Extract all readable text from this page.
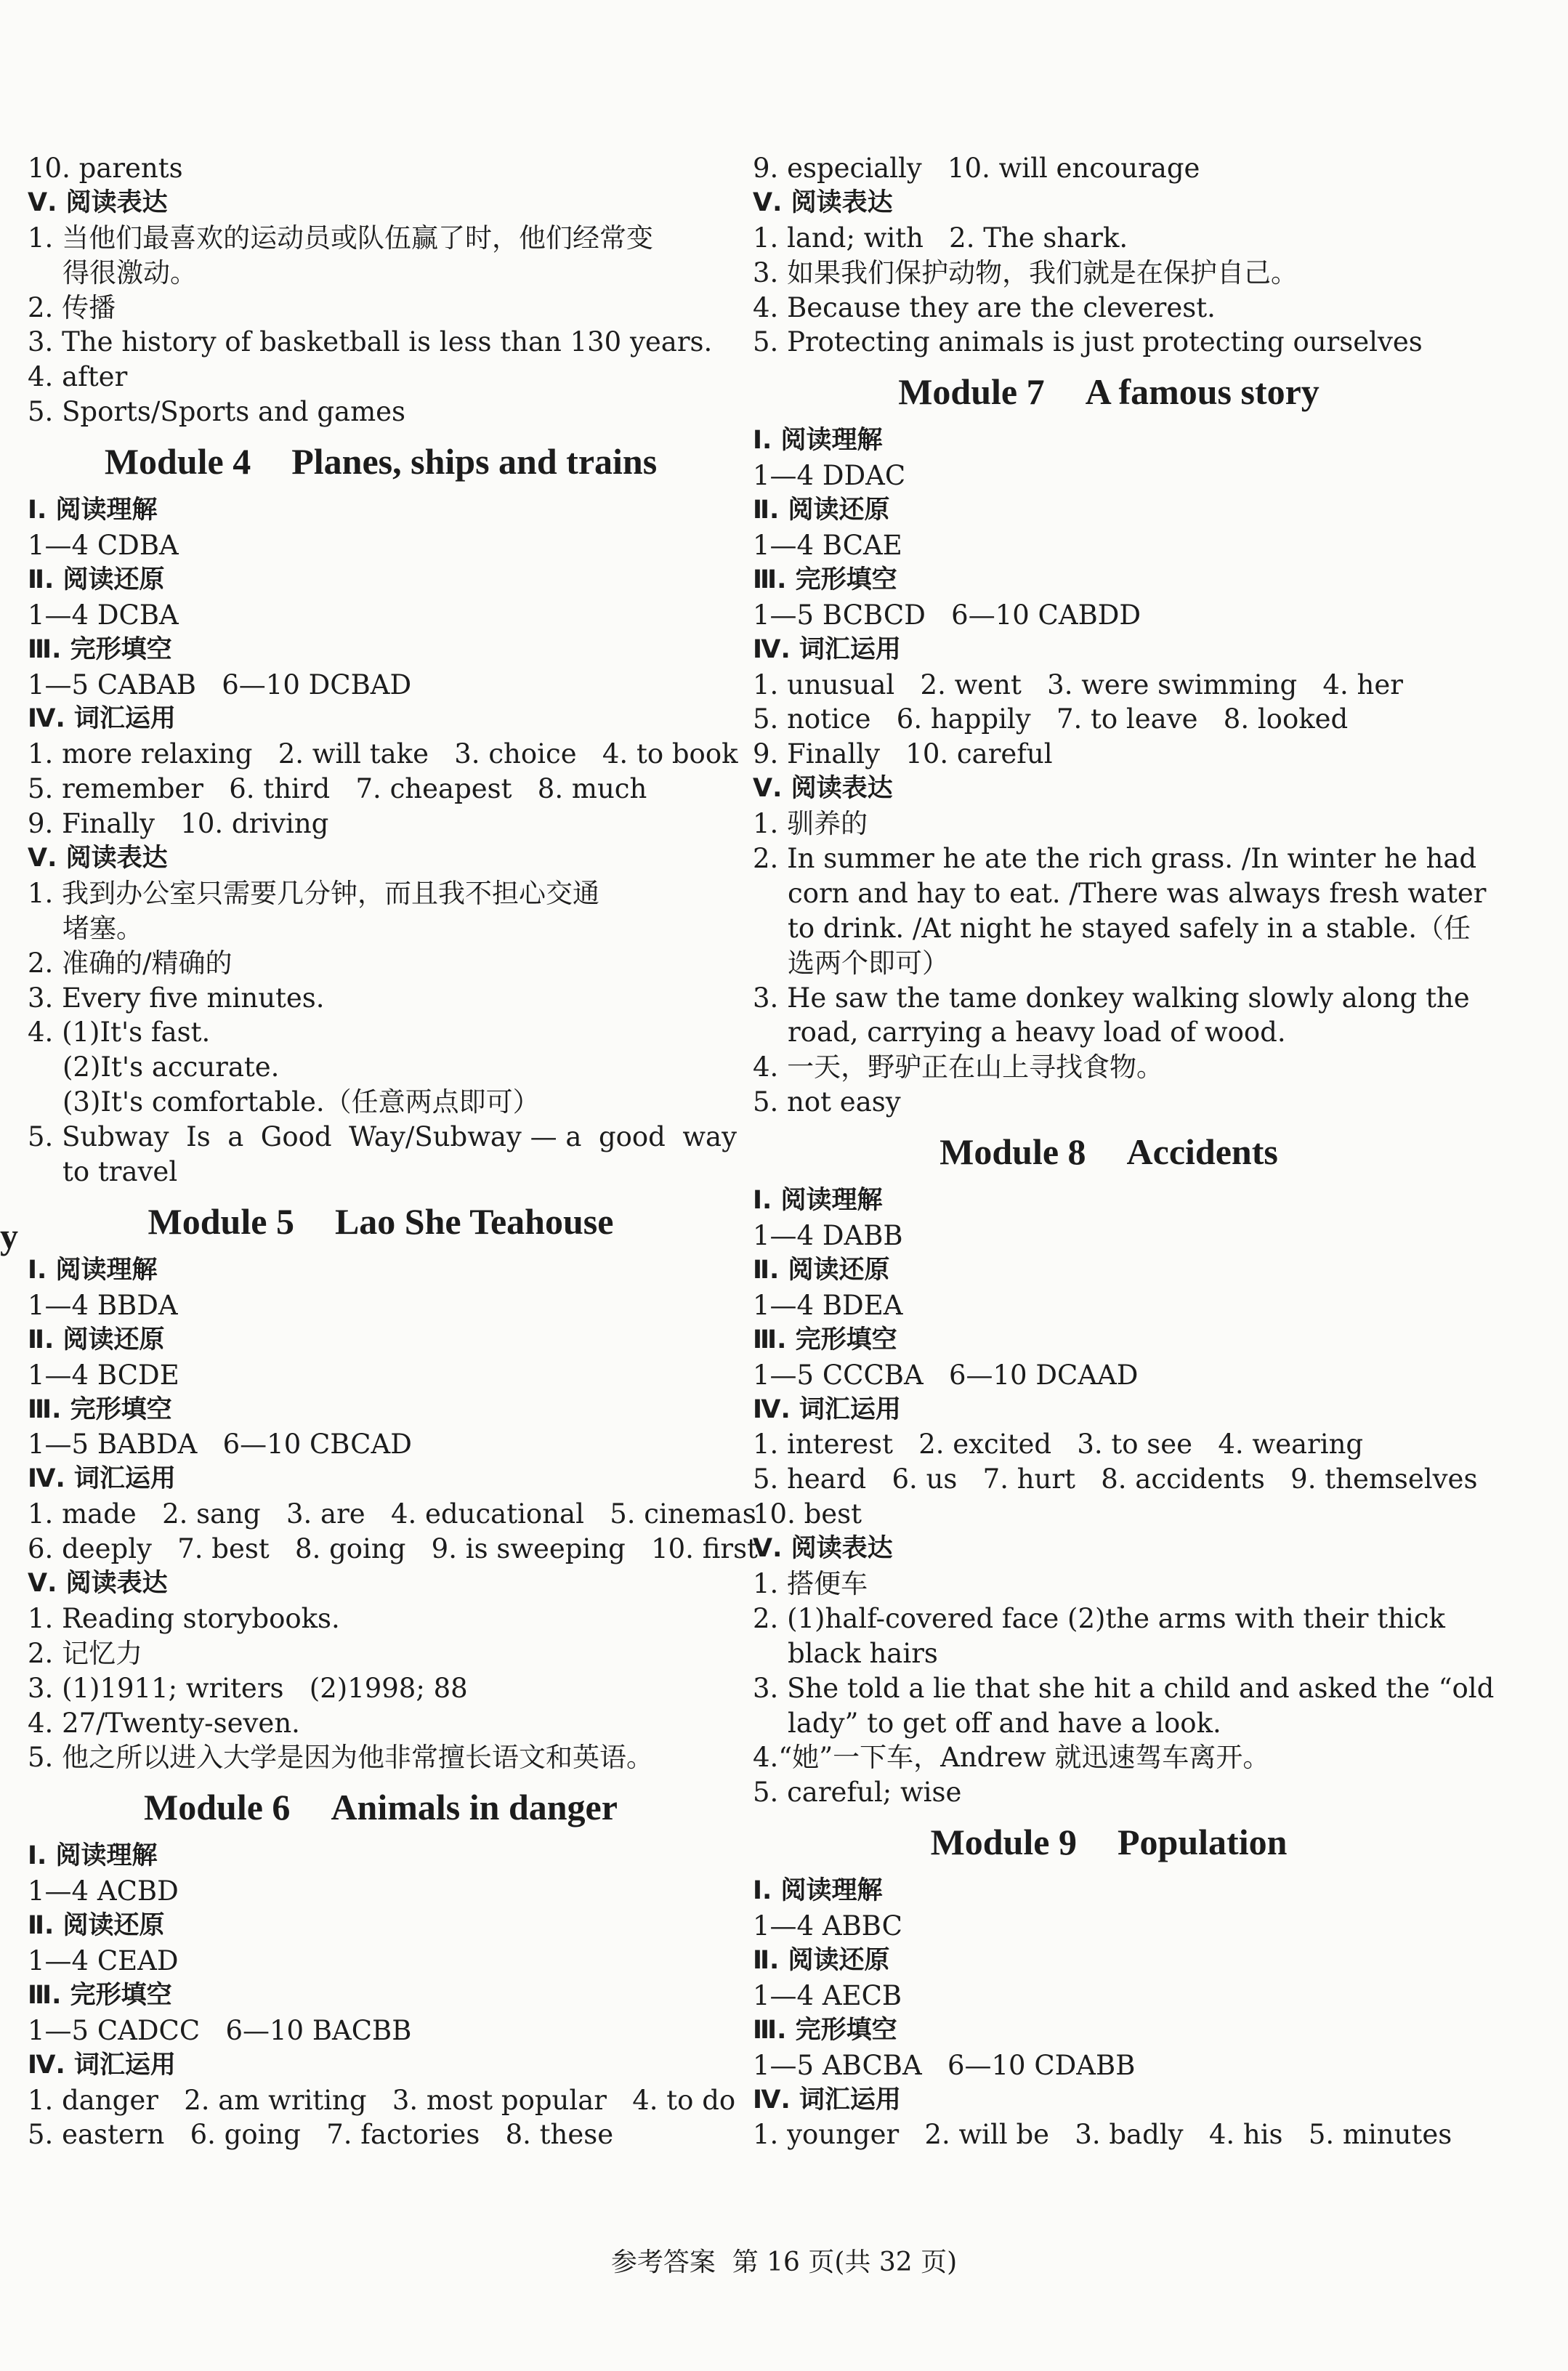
10. parents
Ⅴ. 阅读表达
1. 当他们最喜欢的运动员或队伍赢了时，他们经常变
得很激动。
2. 传播
3. The history of basketball is less than 130 years.
4. after
5. Sports/Sports and games
Module 4 Planes, ships and trains
Ⅰ. 阅读理解
1—4 CDBA
Ⅱ. 阅读还原
1—4 DCBA
Ⅲ. 完形填空
1—5 CABAB   6—10 DCBAD
Ⅳ. 词汇运用
1. more relaxing   2. will take   3. choice   4. to book
5. remember   6. third   7. cheapest   8. much
9. Finally   10. driving
Ⅴ. 阅读表达
1. 我到办公室只需要几分钟，而且我不担心交通
堵塞。
2. 准确的/精确的
3. Every five minutes.
4. (1)It's fast.
(2)It's accurate.
(3)It's comfortable.（任意两点即可）
5. Subway  Is  a  Good  Way/Subway — a  good  way
to travel
Module 5 Lao She Teahouse
Ⅰ. 阅读理解
1—4 BBDA
Ⅱ. 阅读还原
1—4 BCDE
Ⅲ. 完形填空
1—5 BABDA   6—10 CBCAD
Ⅳ. 词汇运用
1. made   2. sang   3. are   4. educational   5. cinemas
6. deeply   7. best   8. going   9. is sweeping   10. first
Ⅴ. 阅读表达
1. Reading storybooks.
2. 记忆力
3. (1)1911; writers   (2)1998; 88
4. 27/Twenty-seven.
5. 他之所以进入大学是因为他非常擅长语文和英语。
Module 6 Animals in danger
Ⅰ. 阅读理解
1—4 ACBD
Ⅱ. 阅读还原
1—4 CEAD
Ⅲ. 完形填空
1—5 CADCC   6—10 BACBB
Ⅳ. 词汇运用
1. danger   2. am writing   3. most popular   4. to do
5. eastern   6. going   7. factories   8. these
9. especially   10. will encourage
Ⅴ. 阅读表达
1. land; with   2. The shark.
3. 如果我们保护动物，我们就是在保护自己。
4. Because they are the cleverest.
5. Protecting animals is just protecting ourselves
Module 7 A famous story
Ⅰ. 阅读理解
1—4 DDAC
Ⅱ. 阅读还原
1—4 BCAE
Ⅲ. 完形填空
1—5 BCBCD   6—10 CABDD
Ⅳ. 词汇运用
1. unusual   2. went   3. were swimming   4. her
5. notice   6. happily   7. to leave   8. looked
9. Finally   10. careful
Ⅴ. 阅读表达
1. 驯养的
2. In summer he ate the rich grass. /In winter he had
corn and hay to eat. /There was always fresh water
to drink. /At night he stayed safely in a stable.（任
选两个即可）
3. He saw the tame donkey walking slowly along the
road, carrying a heavy load of wood.
4. 一天，野驴正在山上寻找食物。
5. not easy
Module 8 Accidents
Ⅰ. 阅读理解
1—4 DABB
Ⅱ. 阅读还原
1—4 BDEA
Ⅲ. 完形填空
1—5 CCCBA   6—10 DCAAD
Ⅳ. 词汇运用
1. interest   2. excited   3. to see   4. wearing
5. heard   6. us   7. hurt   8. accidents   9. themselves
10. best
Ⅴ. 阅读表达
1. 搭便车
2. (1)half-covered face (2)the arms with their thick
black hairs
3. She told a lie that she hit a child and asked the “old
lady” to get off and have a look.
4.“她”一下车，Andrew 就迅速驾车离开。
5. careful; wise
Module 9 Population
Ⅰ. 阅读理解
1—4 ABBC
Ⅱ. 阅读还原
1—4 AECB
Ⅲ. 完形填空
1—5 ABCBA   6—10 CDABB
Ⅳ. 词汇运用
1. younger   2. will be   3. badly   4. his   5. minutes
y
参考答案  第 16 页(共 32 页)
